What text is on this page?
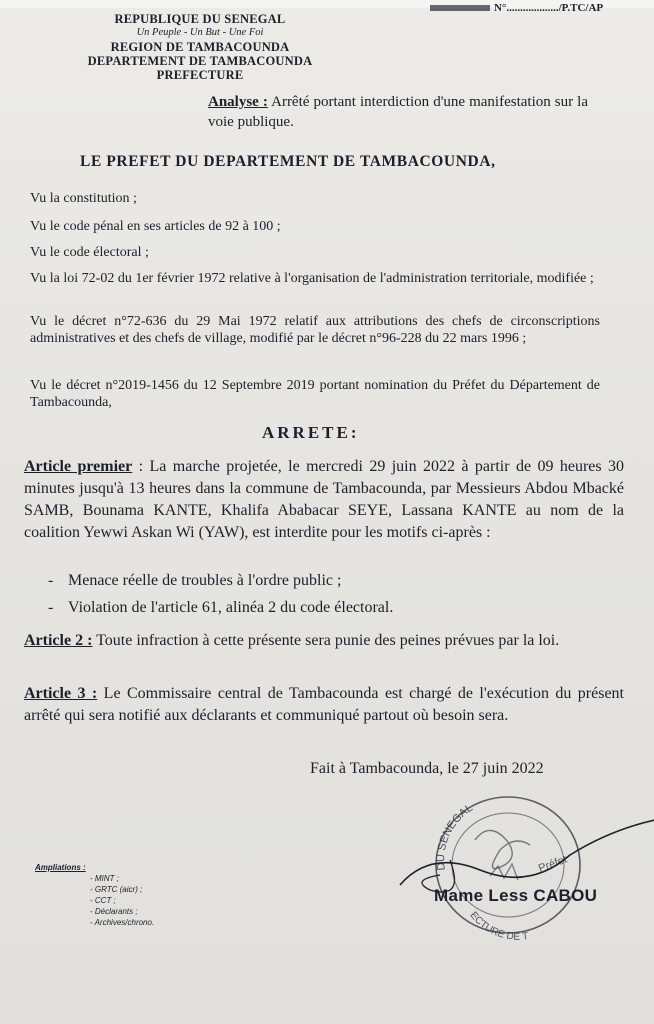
REPUBLIQUE DU SENEGAL
Un Peuple - Un But - Une Foi
REGION DE TAMBACOUNDA
DEPARTEMENT DE TAMBACOUNDA
PREFECTURE
N°.................../P.TC/AP
Analyse : Arrêté portant interdiction d'une manifestation sur la voie publique.
LE PREFET DU DEPARTEMENT DE TAMBACOUNDA,
Vu la constitution ;
Vu le code pénal en ses articles de 92 à 100 ;
Vu le code électoral ;
Vu la loi 72-02 du 1er février 1972 relative à l'organisation de l'administration territoriale, modifiée ;
Vu le décret n°72-636 du 29 Mai 1972 relatif aux attributions des chefs de circonscriptions administratives et des chefs de village, modifié par le décret n°96-228 du 22 mars 1996 ;
Vu le décret n°2019-1456 du 12 Septembre 2019 portant nomination du Préfet du Département de Tambacounda,
ARRETE:
Article premier : La marche projetée, le mercredi 29 juin 2022 à partir de 09 heures 30 minutes jusqu'à 13 heures dans la commune de Tambacounda, par Messieurs Abdou Mbacké SAMB, Bounama KANTE, Khalifa Ababacar SEYE, Lassana KANTE au nom de la coalition Yewwi Askan Wi (YAW), est interdite pour les motifs ci-après :
- Menace réelle de troubles à l'ordre public ;
- Violation de l'article 61, alinéa 2 du code électoral.
Article 2 : Toute infraction à cette présente sera punie des peines prévues par la loi.
Article 3 : Le Commissaire central de Tambacounda est chargé de l'exécution du présent arrêté qui sera notifié aux déclarants et communiqué partout où besoin sera.
Fait à Tambacounda, le 27 juin 2022
DU SENEGAL
ECTURE DE T
Préfet
Mame Less CABOU
Ampliations :
- MINT ;
- GRTC (aicr) ;
- CCT ;
- Déclarants ;
- Archives/chrono.
